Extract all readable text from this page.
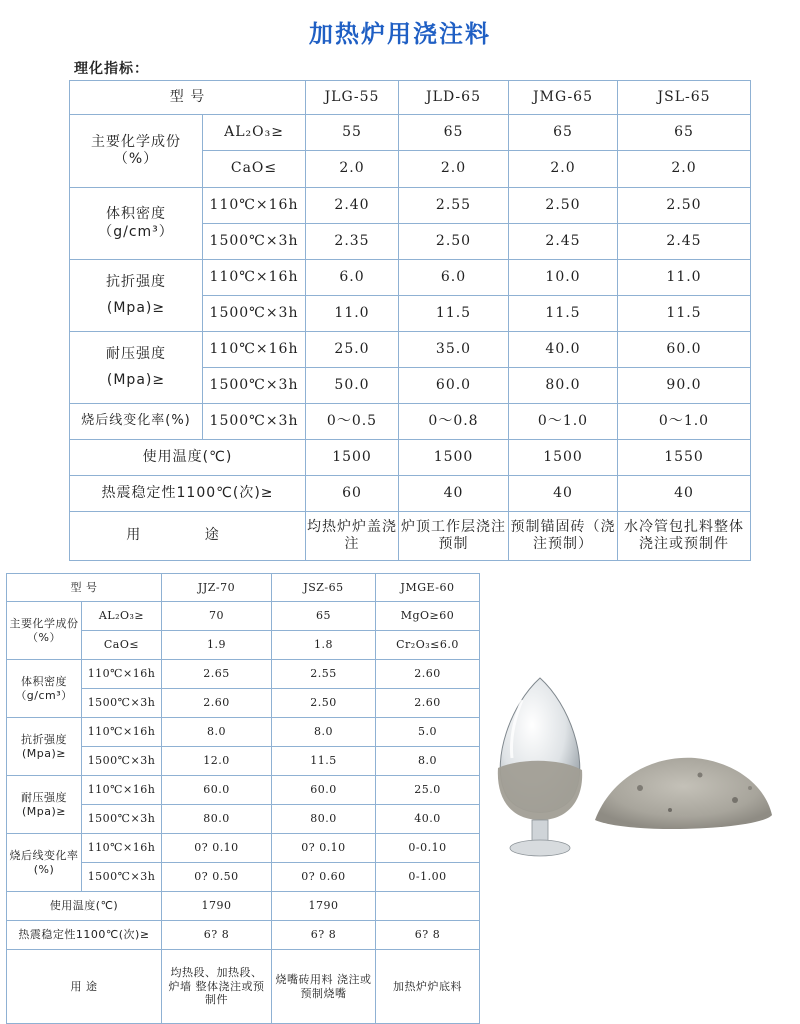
加热炉用浇注料
理化指标：
型 号		JLG-55	JLD-65	JMG-65	JSL-65

主要化学成份
（%）	AL₂O₃≥	55	65	65	65
	CaO≤	2.0	2.0	2.0	2.0

体积密度
（g/cm³）	110℃×16h	2.40	2.55	2.50	2.50
	1500℃×3h	2.35	2.50	2.45	2.45

抗折强度
(Mpa)≥	110℃×16h	6.0	6.0	10.0	11.0
	1500℃×3h	11.0	11.5	11.5	11.5

耐压强度
(Mpa)≥	110℃×16h	25.0	35.0	40.0	60.0
	1500℃×3h	50.0	60.0	80.0	90.0
烧后线变化率(%)	1500℃×3h	0～0.5	0～0.8	0～1.0	0～1.0
使用温度(℃)		1500	1500	1500	1550
热震稳定性1100℃(次)≥		60	40	40	40
用 途		均热炉炉盖浇注	炉顶工作层浇注预制	预制锚固砖（浇注预制）	水冷管包扎料整体浇注或预制件
型 号		JJZ-70	JSZ-65	JMGE-60
主要化学成份（%）	AL₂O₃≥	70	65	MgO≥60
	CaO≤	1.9	1.8	Cr₂O₃≤6.0
体积密度（g/cm³）	110℃×16h	2.65	2.55	2.60
	1500℃×3h	2.60	2.50	2.60
抗折强度(Mpa)≥	110℃×16h	8.0	8.0	5.0
	1500℃×3h	12.0	11.5	8.0
耐压强度(Mpa)≥	110℃×16h	60.0	60.0	25.0
	1500℃×3h	80.0	80.0	40.0
烧后线变化率(%)	110℃×16h	0? 0.10	0? 0.10	0-0.10
	1500℃×3h	0? 0.50	0? 0.60	0-1.00
使用温度(℃)		1790	1790	
热震稳定性1100℃(次)≥		6? 8	6? 8	6? 8
用 途		均热段、加热段、炉墙 整体浇注或预制件	烧嘴砖用料 浇注或预制烧嘴	加热炉炉底料
